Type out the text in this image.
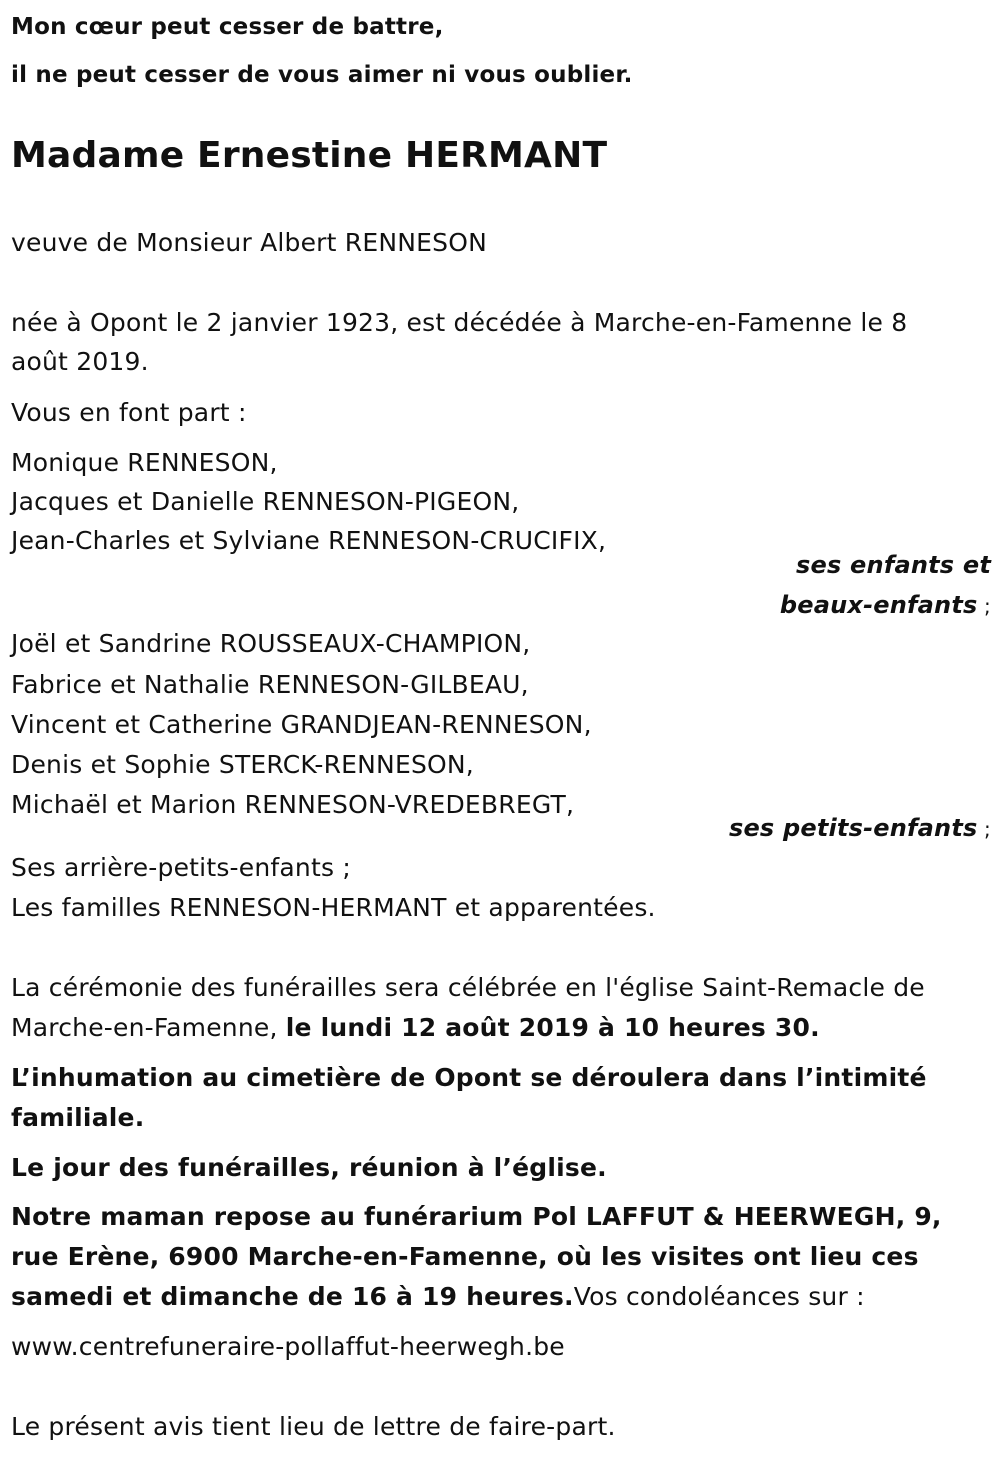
Mon cœur peut cesser de battre,
il ne peut cesser de vous aimer ni vous oublier.
Madame Ernestine HERMANT
veuve de Monsieur Albert RENNESON
née à Opont le 2 janvier 1923, est décédée à Marche-en-Famenne le 8
août 2019.
Vous en font part :
Monique RENNESON,
Jacques et Danielle RENNESON-PIGEON,
Jean-Charles et Sylviane RENNESON-CRUCIFIX,
ses enfants et
beaux-enfants ;
Joël et Sandrine ROUSSEAUX-CHAMPION,
Fabrice et Nathalie RENNESON-GILBEAU,
Vincent et Catherine GRANDJEAN-RENNESON,
Denis et Sophie STERCK-RENNESON,
Michaël et Marion RENNESON-VREDEBREGT,
ses petits-enfants ;
Ses arrière-petits-enfants ;
Les familles RENNESON-HERMANT et apparentées.
La cérémonie des funérailles sera célébrée en l'église Saint-Remacle de
Marche-en-Famenne, le lundi 12 août 2019 à 10 heures 30.
L’inhumation au cimetière de Opont se déroulera dans l’intimité familiale.
Le jour des funérailles, réunion à l’église.
Notre maman repose au funérarium Pol LAFFUT & HEERWEGH, 9, rue Erène, 6900 Marche-en-Famenne, où les visites ont lieu ces samedi et dimanche de 16 à 19 heures.Vos condoléances sur :
www.centrefuneraire-pollaffut-heerwegh.be
Le présent avis tient lieu de lettre de faire-part.
